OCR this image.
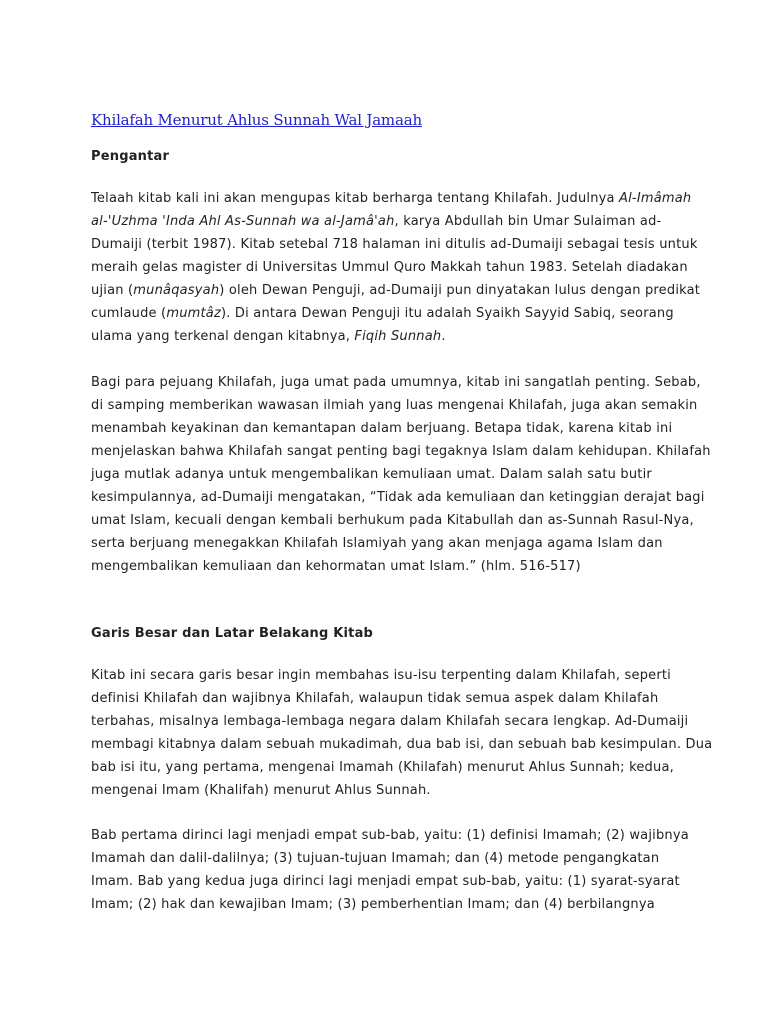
Khilafah Menurut Ahlus Sunnah Wal Jamaah
Pengantar
Telaah kitab kali ini akan mengupas kitab berharga tentang Khilafah. Judulnya Al-Imâmah
al-'Uzhma 'Inda Ahl As-Sunnah wa al-Jamâ'ah, karya Abdullah bin Umar Sulaiman ad-
Dumaiji (terbit 1987). Kitab setebal 718 halaman ini ditulis ad-Dumaiji sebagai tesis untuk
meraih gelas magister di Universitas Ummul Quro Makkah tahun 1983. Setelah diadakan
ujian (munâqasyah) oleh Dewan Penguji, ad-Dumaiji pun dinyatakan lulus dengan predikat
cumlaude (mumtâz). Di antara Dewan Penguji itu adalah Syaikh Sayyid Sabiq, seorang
ulama yang terkenal dengan kitabnya, Fiqih Sunnah.
Bagi para pejuang Khilafah, juga umat pada umumnya, kitab ini sangatlah penting. Sebab,
di samping memberikan wawasan ilmiah yang luas mengenai Khilafah, juga akan semakin
menambah keyakinan dan kemantapan dalam berjuang. Betapa tidak, karena kitab ini
menjelaskan bahwa Khilafah sangat penting bagi tegaknya Islam dalam kehidupan. Khilafah
juga mutlak adanya untuk mengembalikan kemuliaan umat. Dalam salah satu butir
kesimpulannya, ad-Dumaiji mengatakan, “Tidak ada kemuliaan dan ketinggian derajat bagi
umat Islam, kecuali dengan kembali berhukum pada Kitabullah dan as-Sunnah Rasul-Nya,
serta berjuang menegakkan Khilafah Islamiyah yang akan menjaga agama Islam dan
mengembalikan kemuliaan dan kehormatan umat Islam.” (hlm. 516-517)
Garis Besar dan Latar Belakang Kitab
Kitab ini secara garis besar ingin membahas isu-isu terpenting dalam Khilafah, seperti
definisi Khilafah dan wajibnya Khilafah, walaupun tidak semua aspek dalam Khilafah
terbahas, misalnya lembaga-lembaga negara dalam Khilafah secara lengkap. Ad-Dumaiji
membagi kitabnya dalam sebuah mukadimah, dua bab isi, dan sebuah bab kesimpulan. Dua
bab isi itu, yang pertama, mengenai Imamah (Khilafah) menurut Ahlus Sunnah; kedua,
mengenai Imam (Khalifah) menurut Ahlus Sunnah.
Bab pertama dirinci lagi menjadi empat sub-bab, yaitu: (1) definisi Imamah; (2) wajibnya
Imamah dan dalil-dalilnya; (3) tujuan-tujuan Imamah; dan (4) metode pengangkatan
Imam. Bab yang kedua juga dirinci lagi menjadi empat sub-bab, yaitu: (1) syarat-syarat
Imam; (2) hak dan kewajiban Imam; (3) pemberhentian Imam; dan (4) berbilangnya
